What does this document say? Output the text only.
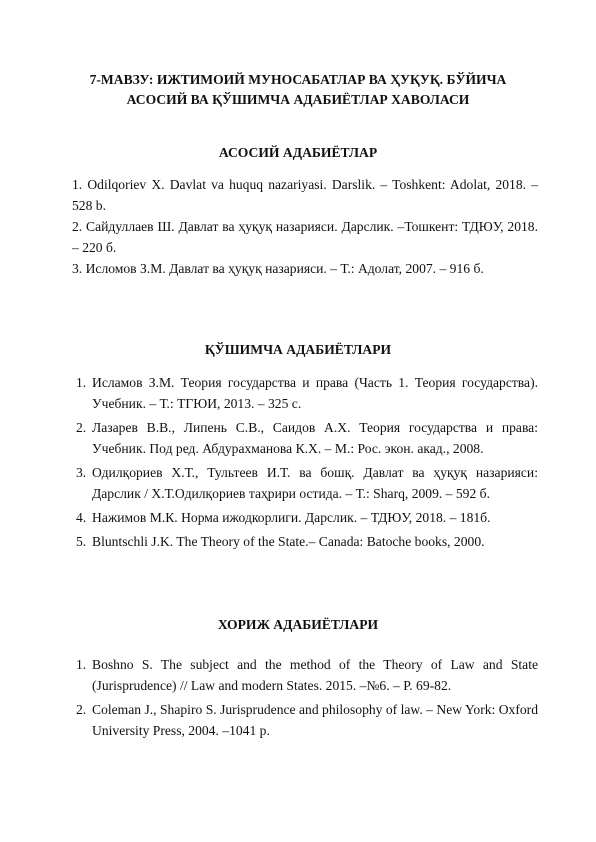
7-МАВЗУ: ИЖТИМОИЙ МУНОСАБАТЛАР ВА ҲУҚУҚ. БЎЙИЧА
АСОСИЙ ВА ҚЎШИМЧА АДАБИЁТЛАР ХАВОЛАСИ
АСОСИЙ АДАБИЁТЛАР
1. Odilqoriev X. Davlat va huquq nazariyasi. Darslik. – Toshkent: Adolat, 2018. – 528 b.
2. Сайдуллаев Ш. Давлат ва ҳуқуқ назарияси. Дарслик. –Тошкент: ТДЮУ, 2018. – 220 б.
3. Исломов З.М. Давлат ва ҳуқуқ назарияси. – Т.: Адолат, 2007. – 916 б.
ҚЎШИМЧА АДАБИЁТЛАРИ
1. Исламов З.М. Теория государства и права (Часть 1. Теория государства). Учебник. – Т.: ТГЮИ, 2013. – 325 с.
2. Лазарев В.В., Липень С.В., Саидов А.Х. Теория государства и права: Учебник. Под ред. Абдурахманова К.Х. – М.: Рос. экон. акад., 2008.
3. Одилқориев Х.Т., Тультеев И.Т. ва бошқ. Давлат ва ҳуқуқ назарияси: Дарслик / Х.Т.Одилқориев таҳрири остида. – Т.: Sharq, 2009. – 592 б.
4. Нажимов М.К. Норма ижодкорлиги. Дарслик. – ТДЮУ, 2018. – 181б.
5. Bluntschli J.K. The Theory of the State.– Canada: Batoche books, 2000.
ХОРИЖ АДАБИЁТЛАРИ
1. Boshno S. The subject and the method of the Theory of Law and State (Jurisprudence) // Law and modern States. 2015. –№6. – P. 69-82.
2. Coleman J., Shapiro S. Jurisprudence and philosophy of law. – New York: Oxford University Press, 2004. –1041 p.
